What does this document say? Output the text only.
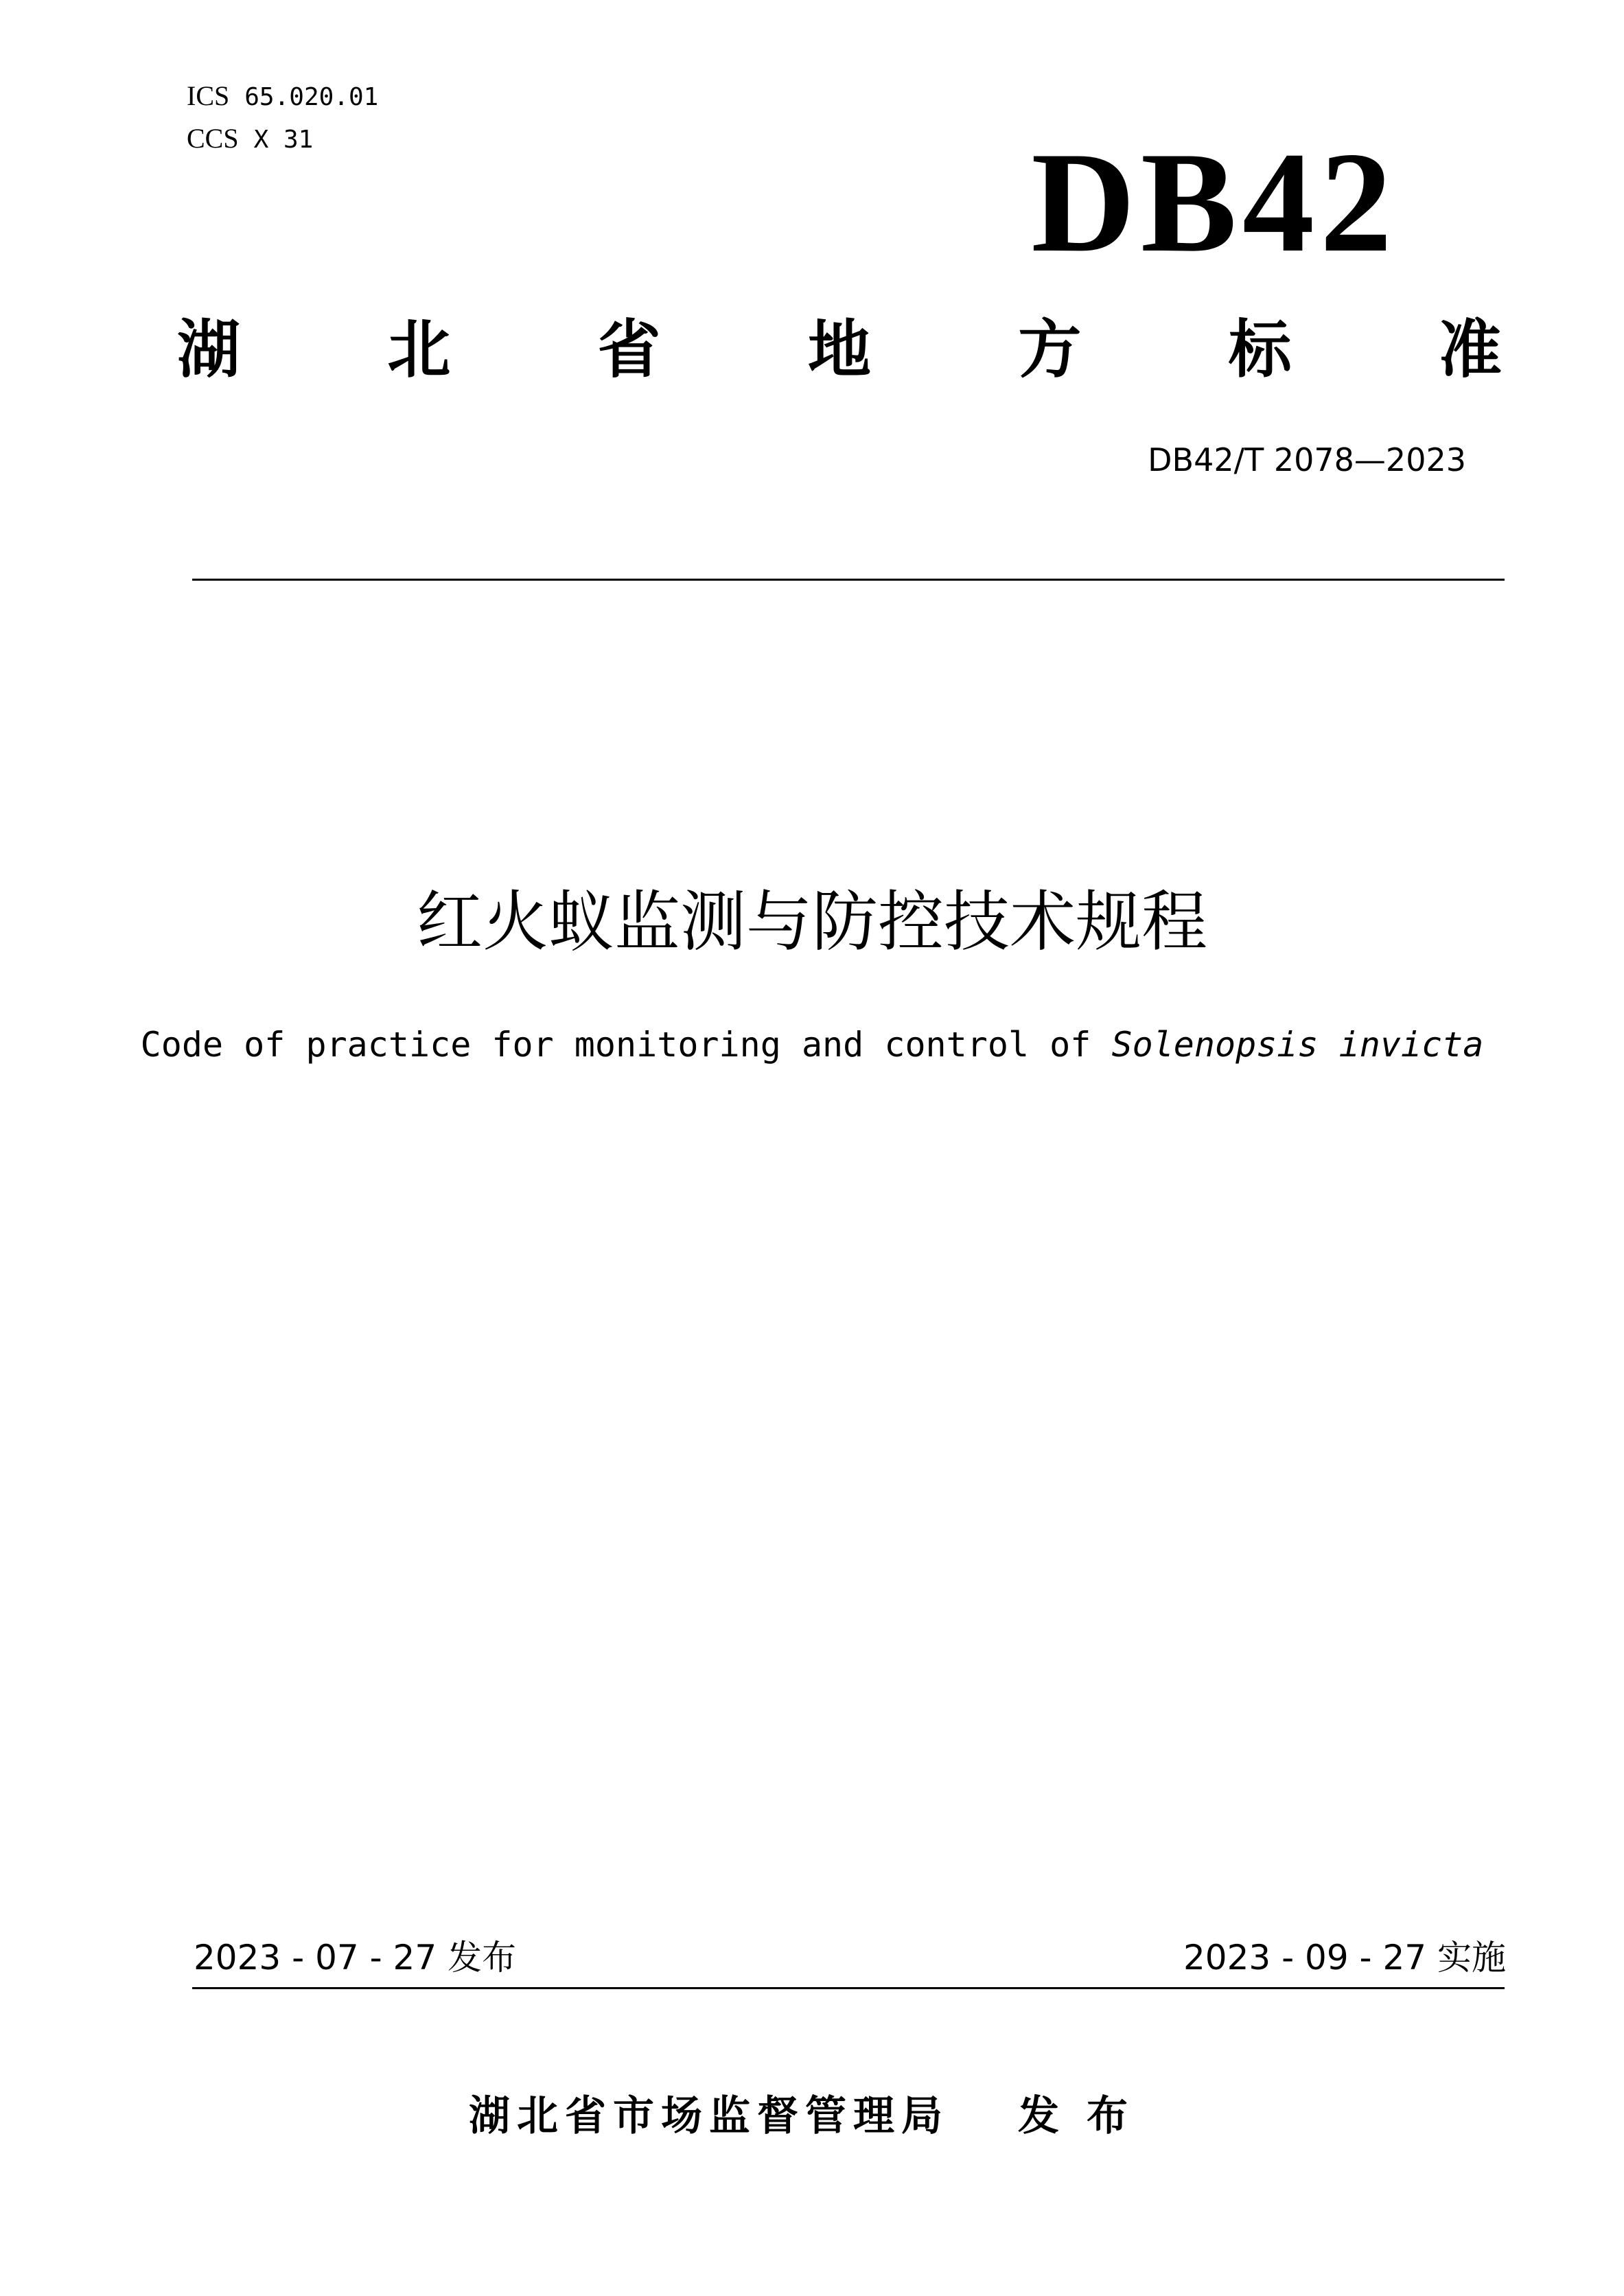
ICS 65.020.01
CCS X 31	DB42
湖 北 省 地 方 标 准
DB42/T 2078—2023
红火蚁监测与防控技术规程
Code of practice for monitoring and control of Solenopsis invicta
2023 - 07 - 27 发布	2023 - 09 - 27 实施
湖北省市场监督管理局 发布
